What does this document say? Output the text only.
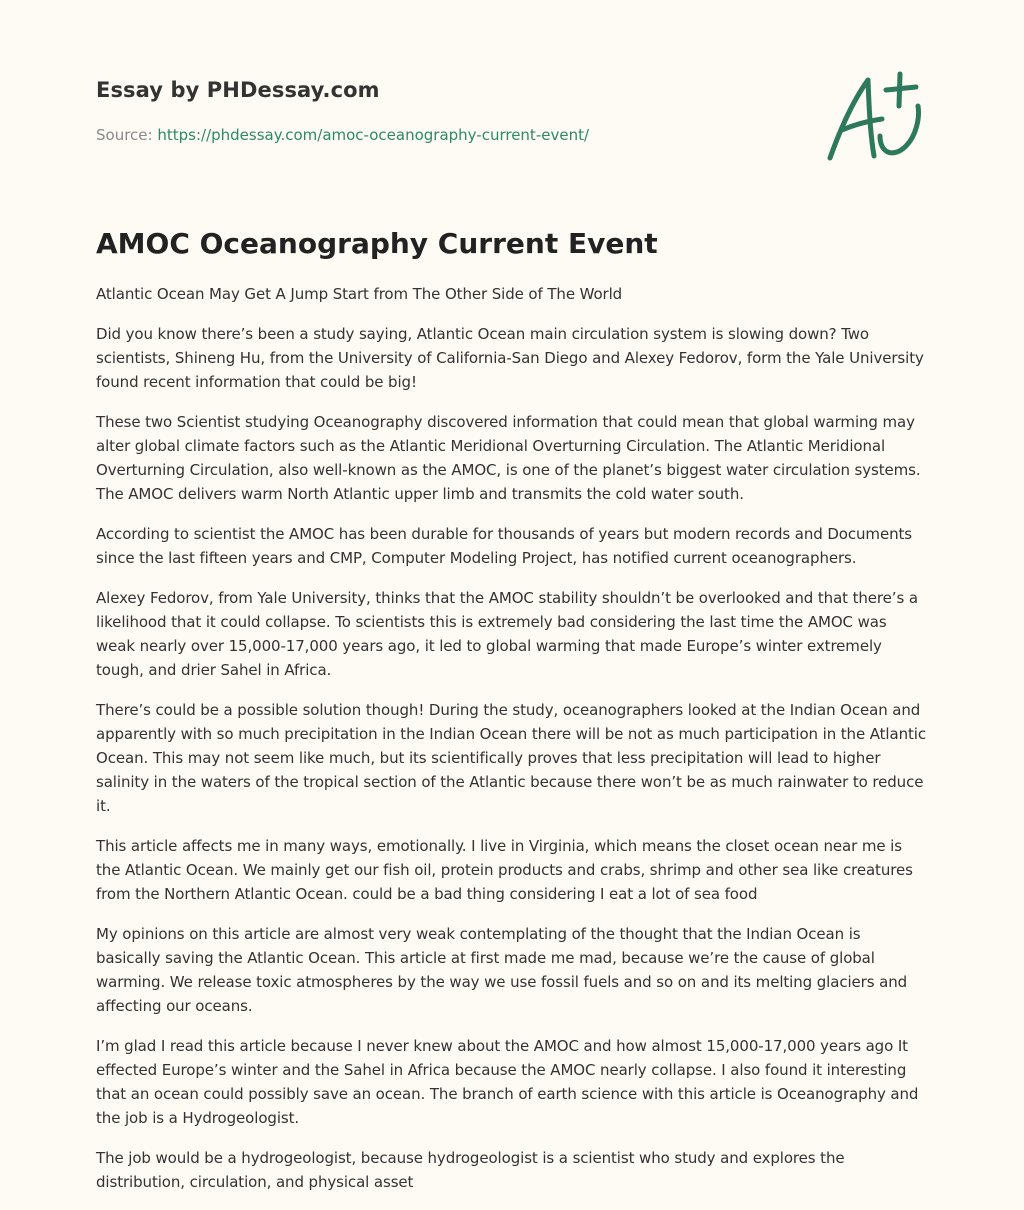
Essay by PHDessay.com
Source: https://phdessay.com/amoc-oceanography-current-event/
AMOC Oceanography Current Event

Atlantic Ocean May Get A Jump Start from The Other Side of The World

Did you know there’s been a study saying, Atlantic Ocean main circulation system is slowing down? Two scientists, Shineng Hu, from the University of California-San Diego and Alexey Fedorov, form the Yale University found recent information that could be big!

These two Scientist studying Oceanography discovered information that could mean that global warming may alter global climate factors such as the Atlantic Meridional Overturning Circulation. The Atlantic Meridional Overturning Circulation, also well-known as the AMOC, is one of the planet’s biggest water circulation systems. The AMOC delivers warm North Atlantic upper limb and transmits the cold water south.

According to scientist the AMOC has been durable for thousands of years but modern records and Documents since the last fifteen years and CMP, Computer Modeling Project, has notified current oceanographers.

Alexey Fedorov, from Yale University, thinks that the AMOC stability shouldn’t be overlooked and that there’s a likelihood that it could collapse. To scientists this is extremely bad considering the last time the AMOC was weak nearly over 15,000-17,000 years ago, it led to global warming that made Europe’s winter extremely tough, and drier Sahel in Africa.

There’s could be a possible solution though! During the study, oceanographers looked at the Indian Ocean and apparently with so much precipitation in the Indian Ocean there will be not as much participation in the Atlantic Ocean. This may not seem like much, but its scientifically proves that less precipitation will lead to higher salinity in the waters of the tropical section of the Atlantic because there won’t be as much rainwater to reduce it.

This article affects me in many ways, emotionally. I live in Virginia, which means the closet ocean near me is the Atlantic Ocean. We mainly get our fish oil, protein products and crabs, shrimp and other sea like creatures from the Northern Atlantic Ocean. could be a bad thing considering I eat a lot of sea food

My opinions on this article are almost very weak contemplating of the thought that the Indian Ocean is basically saving the Atlantic Ocean. This article at first made me mad, because we’re the cause of global warming. We release toxic atmospheres by the way we use fossil fuels and so on and its melting glaciers and affecting our oceans.

I’m glad I read this article because I never knew about the AMOC and how almost 15,000-17,000 years ago It effected Europe’s winter and the Sahel in Africa because the AMOC nearly collapse. I also found it interesting that an ocean could possibly save an ocean. The branch of earth science with this article is Oceanography and the job is a Hydrogeologist.

The job would be a hydrogeologist, because hydrogeologist is a scientist who study and explores the distribution, circulation, and physical asset
